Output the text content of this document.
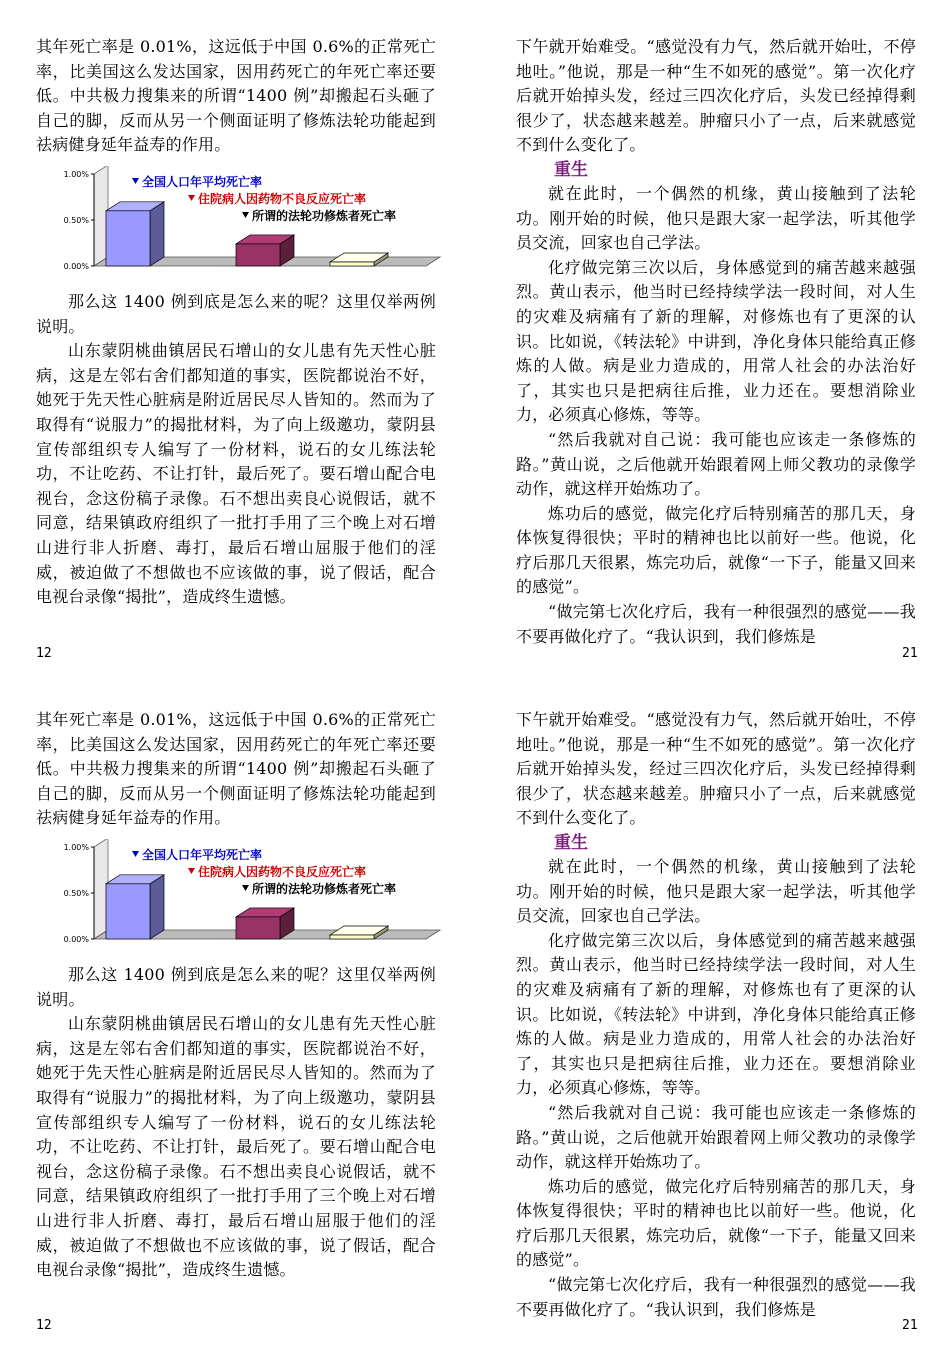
其年死亡率是 0.01%，这远低于中国 0.6%的正常死亡率，比美国这么发达国家，因用药死亡的年死亡率还要低。中共极力搜集来的所谓“1400 例”却搬起石头砸了自己的脚，反而从另一个侧面证明了修炼法轮功能起到祛病健身延年益寿的作用。

0.00%
0.50%
1.00%
全国人口年平均死亡率
住院病人因药物不良反应死亡率
所谓的法轮功修炼者死亡率

那么这 1400 例到底是怎么来的呢？这里仅举两例说明。

山东蒙阴桃曲镇居民石增山的女儿患有先天性心脏病，这是左邻右舍们都知道的事实，医院都说治不好，她死于先天性心脏病是附近居民尽人皆知的。然而为了取得有“说服力”的揭批材料，为了向上级邀功，蒙阴县宣传部组织专人编写了一份材料，说石的女儿练法轮功，不让吃药、不让打针，最后死了。要石增山配合电视台，念这份稿子录像。石不想出卖良心说假话，就不同意，结果镇政府组织了一批打手用了三个晚上对石增山进行非人折磨、毒打，最后石增山屈服于他们的淫威，被迫做了不想做也不应该做的事，说了假话，配合电视台录像“揭批”，造成终生遗憾。

12

下午就开始难受。“感觉没有力气，然后就开始吐，不停地吐。”他说，那是一种“生不如死的感觉”。第一次化疗后就开始掉头发，经过三四次化疗后，头发已经掉得剩很少了，状态越来越差。肿瘤只小了一点，后来就感觉不到什么变化了。

重生

就在此时，一个偶然的机缘，黄山接触到了法轮功。刚开始的时候，他只是跟大家一起学法，听其他学员交流，回家也自己学法。

化疗做完第三次以后，身体感觉到的痛苦越来越强烈。黄山表示，他当时已经持续学法一段时间，对人生的灾难及病痛有了新的理解，对修炼也有了更深的认识。比如说，《转法轮》中讲到，净化身体只能给真正修炼的人做。病是业力造成的，用常人社会的办法治好了，其实也只是把病往后推，业力还在。要想消除业力，必须真心修炼，等等。

“然后我就对自己说：我可能也应该走一条修炼的路。”黄山说，之后他就开始跟着网上师父教功的录像学动作，就这样开始炼功了。

炼功后的感觉，做完化疗后特别痛苦的那几天，身体恢复得很快；平时的精神也比以前好一些。他说，化疗后那几天很累，炼完功后，就像“一下子，能量又回来的感觉”。

“做完第七次化疗后，我有一种很强烈的感觉——我不要再做化疗了。“我认识到，我们修炼是

21

其年死亡率是 0.01%，这远低于中国 0.6%的正常死亡率，比美国这么发达国家，因用药死亡的年死亡率还要低。中共极力搜集来的所谓“1400 例”却搬起石头砸了自己的脚，反而从另一个侧面证明了修炼法轮功能起到祛病健身延年益寿的作用。

0.00%
0.50%
1.00%
全国人口年平均死亡率
住院病人因药物不良反应死亡率
所谓的法轮功修炼者死亡率

那么这 1400 例到底是怎么来的呢？这里仅举两例说明。

山东蒙阴桃曲镇居民石增山的女儿患有先天性心脏病，这是左邻右舍们都知道的事实，医院都说治不好，她死于先天性心脏病是附近居民尽人皆知的。然而为了取得有“说服力”的揭批材料，为了向上级邀功，蒙阴县宣传部组织专人编写了一份材料，说石的女儿练法轮功，不让吃药、不让打针，最后死了。要石增山配合电视台，念这份稿子录像。石不想出卖良心说假话，就不同意，结果镇政府组织了一批打手用了三个晚上对石增山进行非人折磨、毒打，最后石增山屈服于他们的淫威，被迫做了不想做也不应该做的事，说了假话，配合电视台录像“揭批”，造成终生遗憾。

12

下午就开始难受。“感觉没有力气，然后就开始吐，不停地吐。”他说，那是一种“生不如死的感觉”。第一次化疗后就开始掉头发，经过三四次化疗后，头发已经掉得剩很少了，状态越来越差。肿瘤只小了一点，后来就感觉不到什么变化了。

重生

就在此时，一个偶然的机缘，黄山接触到了法轮功。刚开始的时候，他只是跟大家一起学法，听其他学员交流，回家也自己学法。

化疗做完第三次以后，身体感觉到的痛苦越来越强烈。黄山表示，他当时已经持续学法一段时间，对人生的灾难及病痛有了新的理解，对修炼也有了更深的认识。比如说，《转法轮》中讲到，净化身体只能给真正修炼的人做。病是业力造成的，用常人社会的办法治好了，其实也只是把病往后推，业力还在。要想消除业力，必须真心修炼，等等。

“然后我就对自己说：我可能也应该走一条修炼的路。”黄山说，之后他就开始跟着网上师父教功的录像学动作，就这样开始炼功了。

炼功后的感觉，做完化疗后特别痛苦的那几天，身体恢复得很快；平时的精神也比以前好一些。他说，化疗后那几天很累，炼完功后，就像“一下子，能量又回来的感觉”。

“做完第七次化疗后，我有一种很强烈的感觉——我不要再做化疗了。“我认识到，我们修炼是

21
